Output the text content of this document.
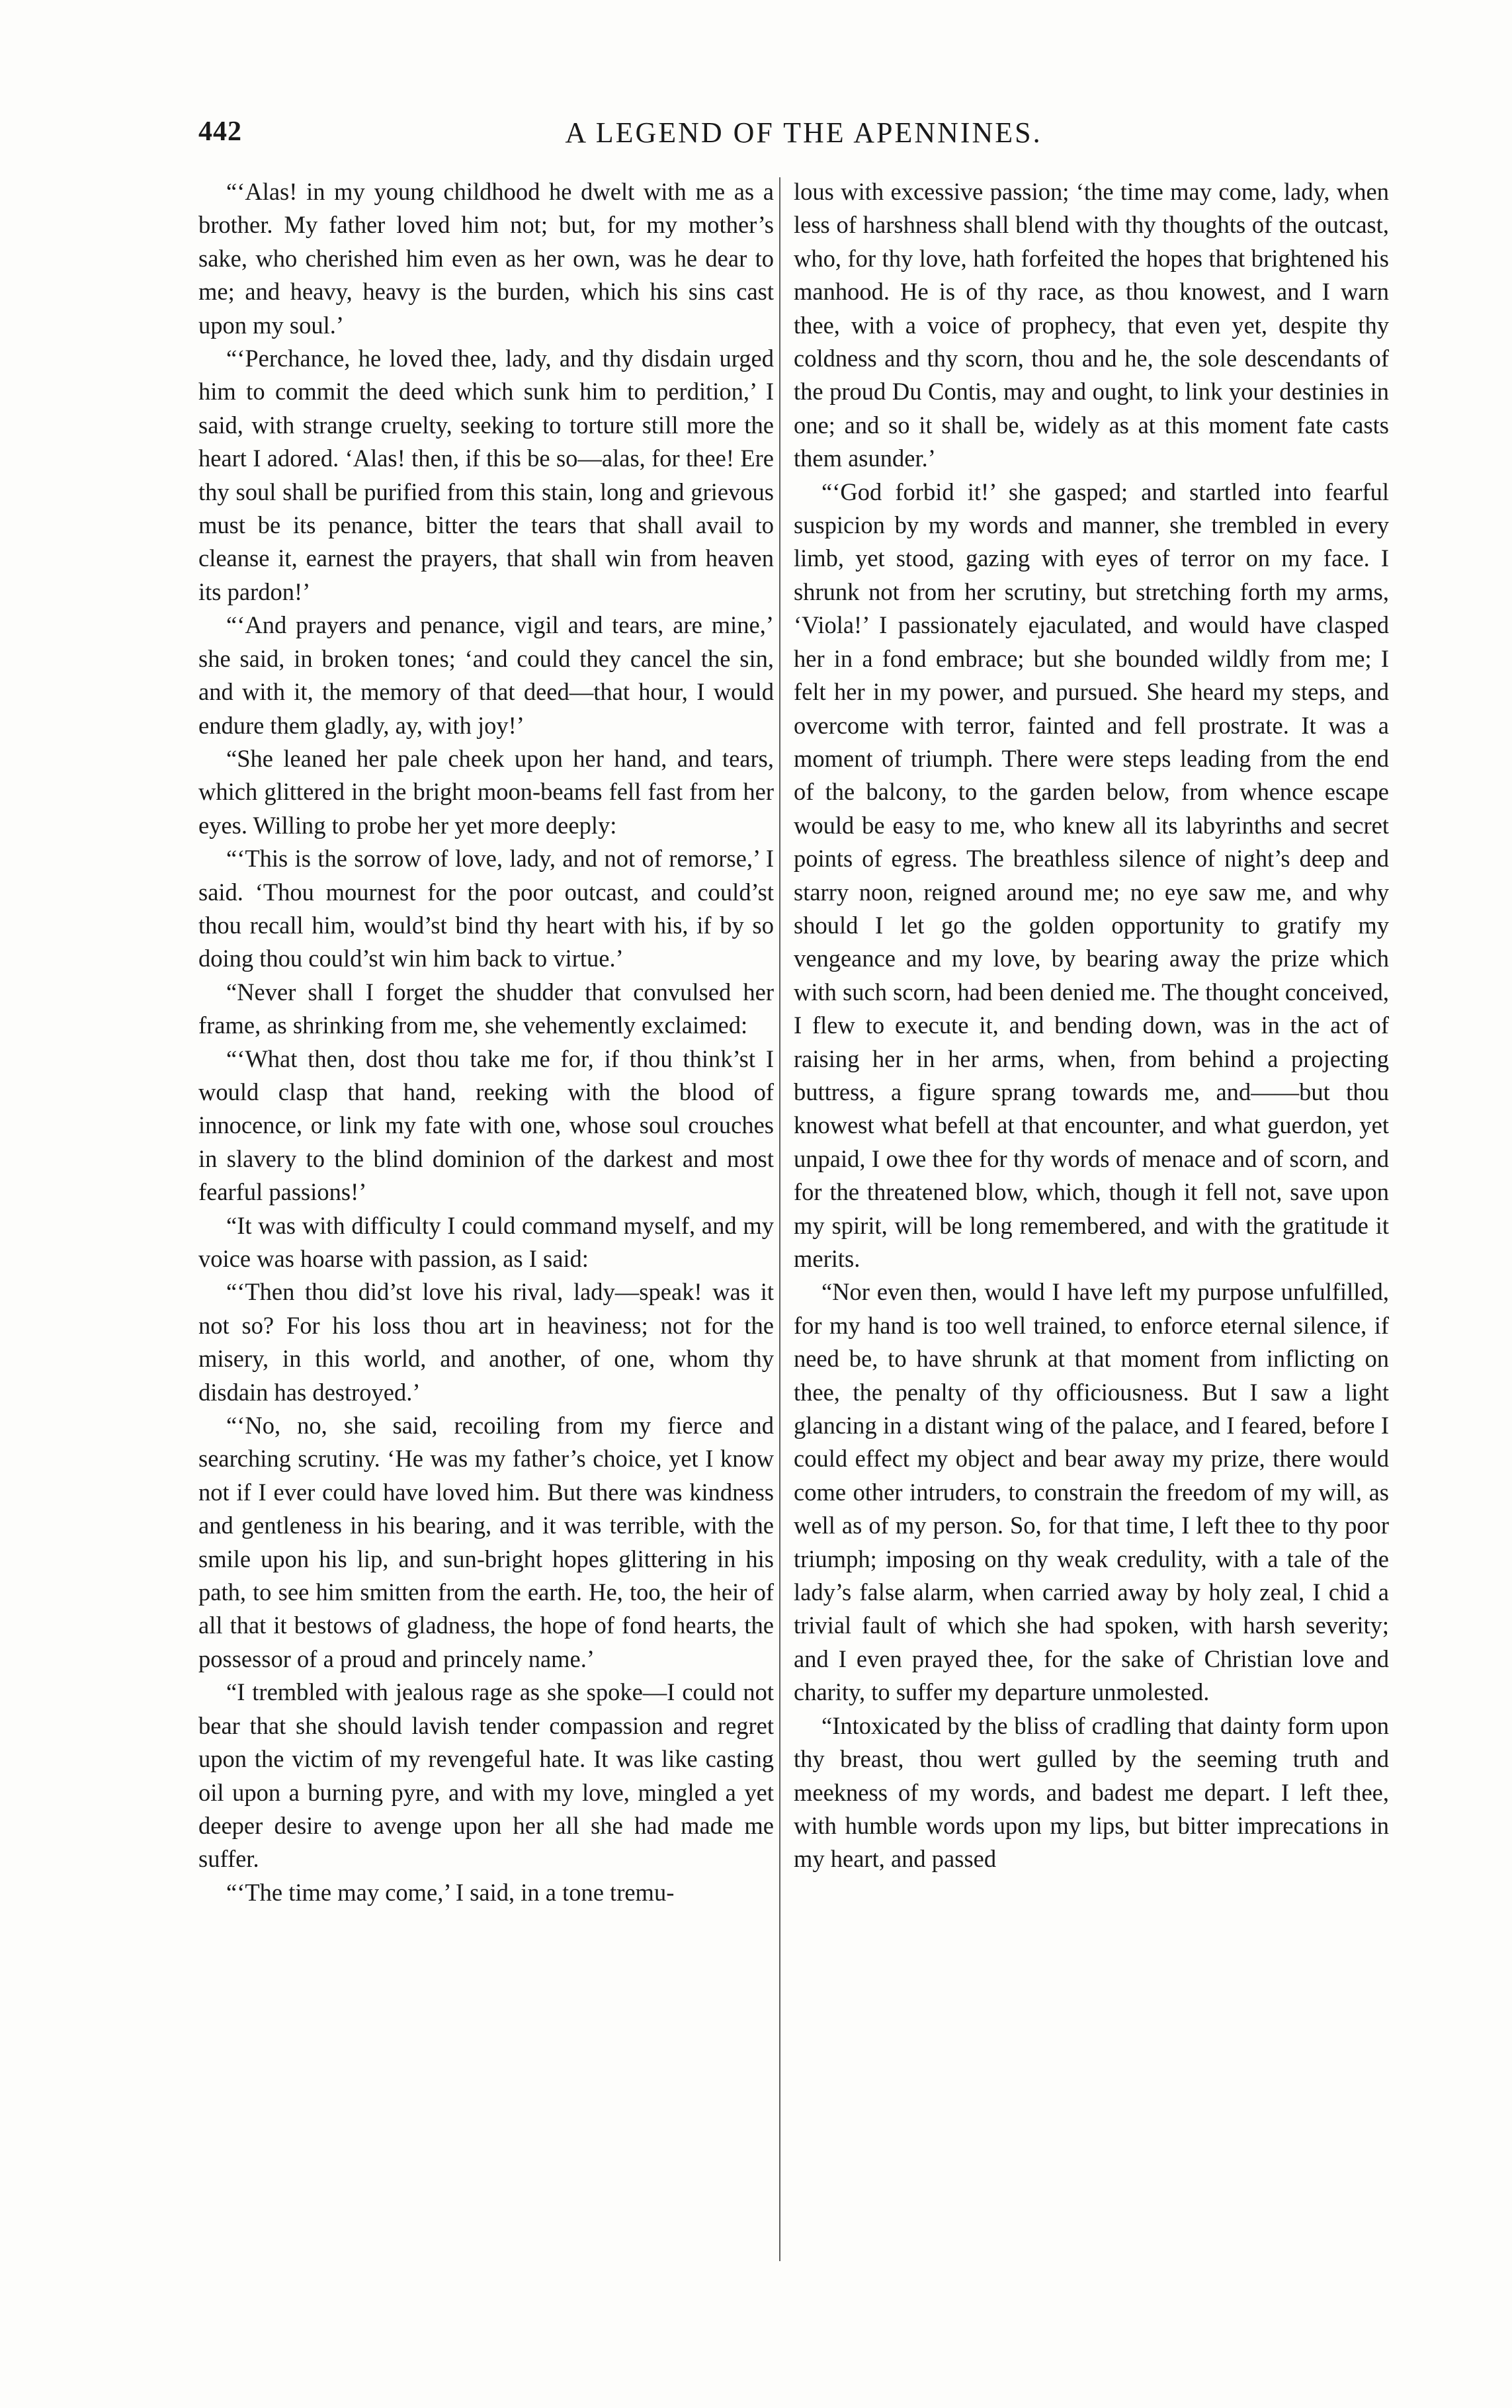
442	A LEGEND OF THE APENNINES.

“‘Alas! in my young childhood he dwelt with me as a brother. My father loved him not; but, for my mother’s sake, who cherished him even as her own, was he dear to me; and heavy, heavy is the burden, which his sins cast upon my soul.’

“‘Perchance, he loved thee, lady, and thy disdain urged him to commit the deed which sunk him to perdition,’ I said, with strange cruelty, seeking to torture still more the heart I adored. ‘Alas! then, if this be so—alas, for thee! Ere thy soul shall be purified from this stain, long and grievous must be its penance, bitter the tears that shall avail to cleanse it, earnest the prayers, that shall win from heaven its pardon!’

“‘And prayers and penance, vigil and tears, are mine,’ she said, in broken tones; ‘and could they cancel the sin, and with it, the memory of that deed—that hour, I would endure them gladly, ay, with joy!’

“She leaned her pale cheek upon her hand, and tears, which glittered in the bright moon-beams fell fast from her eyes. Willing to probe her yet more deeply:

“‘This is the sorrow of love, lady, and not of remorse,’ I said. ‘Thou mournest for the poor outcast, and could’st thou recall him, would’st bind thy heart with his, if by so doing thou could’st win him back to virtue.’

“Never shall I forget the shudder that convulsed her frame, as shrinking from me, she vehemently exclaimed:

“‘What then, dost thou take me for, if thou think’st I would clasp that hand, reeking with the blood of innocence, or link my fate with one, whose soul crouches in slavery to the blind dominion of the darkest and most fearful passions!’

“It was with difficulty I could command myself, and my voice was hoarse with passion, as I said:

“‘Then thou did’st love his rival, lady—speak! was it not so? For his loss thou art in heaviness; not for the misery, in this world, and another, of one, whom thy disdain has destroyed.’

“‘No, no, she said, recoiling from my fierce and searching scrutiny. ‘He was my father’s choice, yet I know not if I ever could have loved him. But there was kindness and gentleness in his bearing, and it was terrible, with the smile upon his lip, and sun-bright hopes glittering in his path, to see him smitten from the earth. He, too, the heir of all that it bestows of gladness, the hope of fond hearts, the possessor of a proud and princely name.’

“I trembled with jealous rage as she spoke—I could not bear that she should lavish tender compassion and regret upon the victim of my revengeful hate. It was like casting oil upon a burning pyre, and with my love, mingled a yet deeper desire to avenge upon her all she had made me suffer.

“‘The time may come,’ I said, in a tone tremu-

lous with excessive passion; ‘the time may come, lady, when less of harshness shall blend with thy thoughts of the outcast, who, for thy love, hath forfeited the hopes that brightened his manhood. He is of thy race, as thou knowest, and I warn thee, with a voice of prophecy, that even yet, despite thy coldness and thy scorn, thou and he, the sole descendants of the proud Du Contis, may and ought, to link your destinies in one; and so it shall be, widely as at this moment fate casts them asunder.’

“‘God forbid it!’ she gasped; and startled into fearful suspicion by my words and manner, she trembled in every limb, yet stood, gazing with eyes of terror on my face. I shrunk not from her scrutiny, but stretching forth my arms, ‘Viola!’ I passionately ejaculated, and would have clasped her in a fond embrace; but she bounded wildly from me; I felt her in my power, and pursued. She heard my steps, and overcome with terror, fainted and fell prostrate. It was a moment of triumph. There were steps leading from the end of the balcony, to the garden below, from whence escape would be easy to me, who knew all its labyrinths and secret points of egress. The breathless silence of night’s deep and starry noon, reigned around me; no eye saw me, and why should I let go the golden opportunity to gratify my vengeance and my love, by bearing away the prize which with such scorn, had been denied me. The thought conceived, I flew to execute it, and bending down, was in the act of raising her in her arms, when, from behind a projecting buttress, a figure sprang towards me, and——but thou knowest what befell at that encounter, and what guerdon, yet unpaid, I owe thee for thy words of menace and of scorn, and for the threatened blow, which, though it fell not, save upon my spirit, will be long remembered, and with the gratitude it merits.

“Nor even then, would I have left my purpose unfulfilled, for my hand is too well trained, to enforce eternal silence, if need be, to have shrunk at that moment from inflicting on thee, the penalty of thy officiousness. But I saw a light glancing in a distant wing of the palace, and I feared, before I could effect my object and bear away my prize, there would come other intruders, to constrain the freedom of my will, as well as of my person. So, for that time, I left thee to thy poor triumph; imposing on thy weak credulity, with a tale of the lady’s false alarm, when carried away by holy zeal, I chid a trivial fault of which she had spoken, with harsh severity; and I even prayed thee, for the sake of Christian love and charity, to suffer my departure unmolested.

“Intoxicated by the bliss of cradling that dainty form upon thy breast, thou wert gulled by the seeming truth and meekness of my words, and badest me depart. I left thee, with humble words upon my lips, but bitter imprecations in my heart, and passed
